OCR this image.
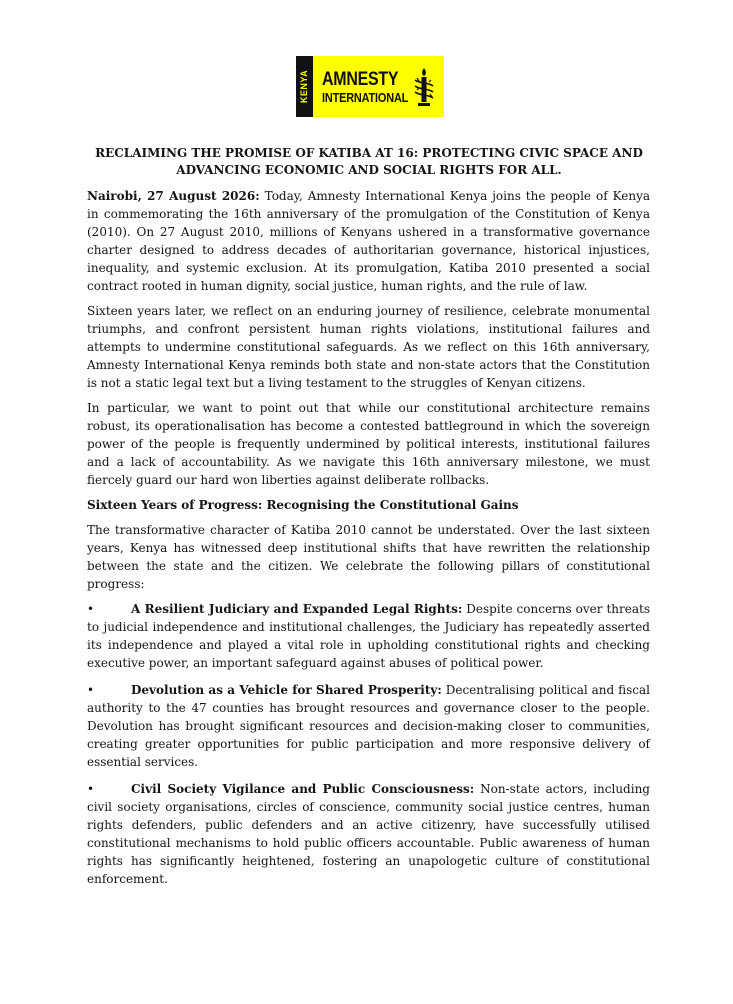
KENYA AMNESTY
INTERNATIONAL
RECLAIMING THE PROMISE OF KATIBA AT 16: PROTECTING CIVIC SPACE AND
ADVANCING ECONOMIC AND SOCIAL RIGHTS FOR ALL.

Nairobi, 27 August 2026: Today, Amnesty International Kenya joins the people of Kenya in commemorating the 16th anniversary of the promulgation of the Constitution of Kenya (2010). On 27 August 2010, millions of Kenyans ushered in a transformative governance charter designed to address decades of authoritarian governance, historical injustices, inequality, and systemic exclusion. At its promulgation, Katiba 2010 presented a social contract rooted in human dignity, social justice, human rights, and the rule of law.

Sixteen years later, we reflect on an enduring journey of resilience, celebrate monumental triumphs, and confront persistent human rights violations, institutional failures and attempts to undermine constitutional safeguards. As we reflect on this 16th anniversary, Amnesty International Kenya reminds both state and non-state actors that the Constitution is not a static legal text but a living testament to the struggles of Kenyan citizens.

In particular, we want to point out that while our constitutional architecture remains robust, its operationalisation has become a contested battleground in which the sovereign power of the people is frequently undermined by political interests, institutional failures and a lack of accountability. As we navigate this 16th anniversary milestone, we must fiercely guard our hard won liberties against deliberate rollbacks.

Sixteen Years of Progress: Recognising the Constitutional Gains

The transformative character of Katiba 2010 cannot be understated. Over the last sixteen years, Kenya has witnessed deep institutional shifts that have rewritten the relationship between the state and the citizen. We celebrate the following pillars of constitutional progress:

•	A Resilient Judiciary and Expanded Legal Rights: Despite concerns over threats to judicial independence and institutional challenges, the Judiciary has repeatedly asserted its independence and played a vital role in upholding constitutional rights and checking executive power, an important safeguard against abuses of political power.

•	Devolution as a Vehicle for Shared Prosperity: Decentralising political and fiscal authority to the 47 counties has brought resources and governance closer to the people. Devolution has brought significant resources and decision-making closer to communities, creating greater opportunities for public participation and more responsive delivery of essential services.

•	Civil Society Vigilance and Public Consciousness: Non-state actors, including civil society organisations, circles of conscience, community social justice centres, human rights defenders, public defenders and an active citizenry, have successfully utilised constitutional mechanisms to hold public officers accountable. Public awareness of human rights has significantly heightened, fostering an unapologetic culture of constitutional enforcement.
